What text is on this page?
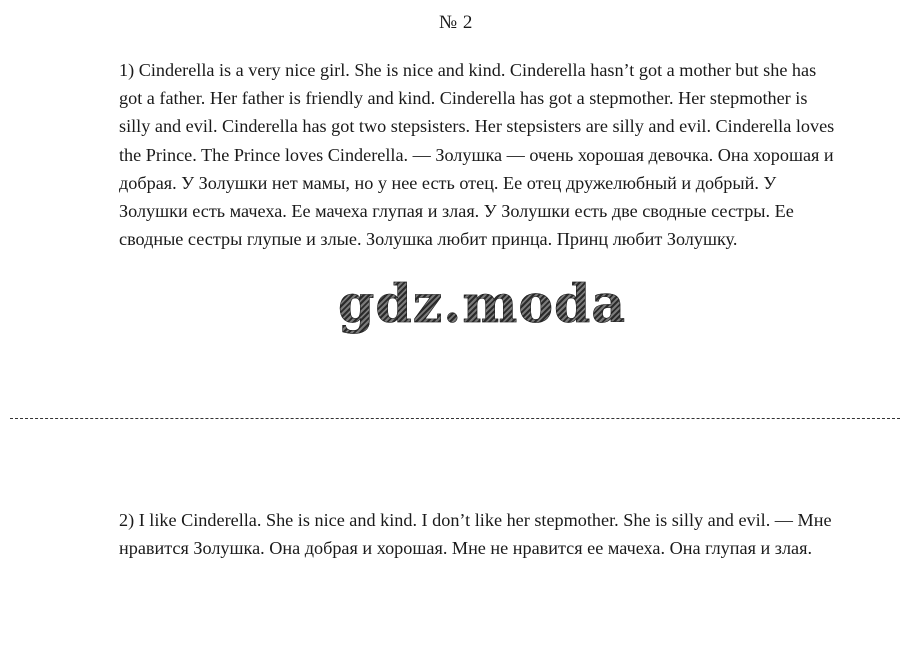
№ 2

1) Cinderella is a very nice girl. She is nice and kind. Cinderella hasn’t got a mother but she has got a father. Her father is friendly and kind. Cinderella has got a stepmother. Her stepmother is silly and evil. Cinderella has got two stepsisters. Her stepsisters are silly and evil. Cinderella loves the Prince. The Prince loves Cinderella. — Золушка — очень хорошая девочка. Она хорошая и добрая. У Золушки нет мамы, но у нее есть отец. Ее отец дружелюбный и добрый. У Золушки есть мачеха. Ее мачеха глупая и злая. У Золушки есть две сводные сестры. Ее сводные сестры глупые и злые. Золушка любит принца. Принц любит Золушку.

gdz.moda

2) I like Cinderella. She is nice and kind. I don’t like her stepmother. She is silly and evil. — Мне нравится Золушка. Она добрая и хорошая. Мне не нравится ее мачеха. Она глупая и злая.
